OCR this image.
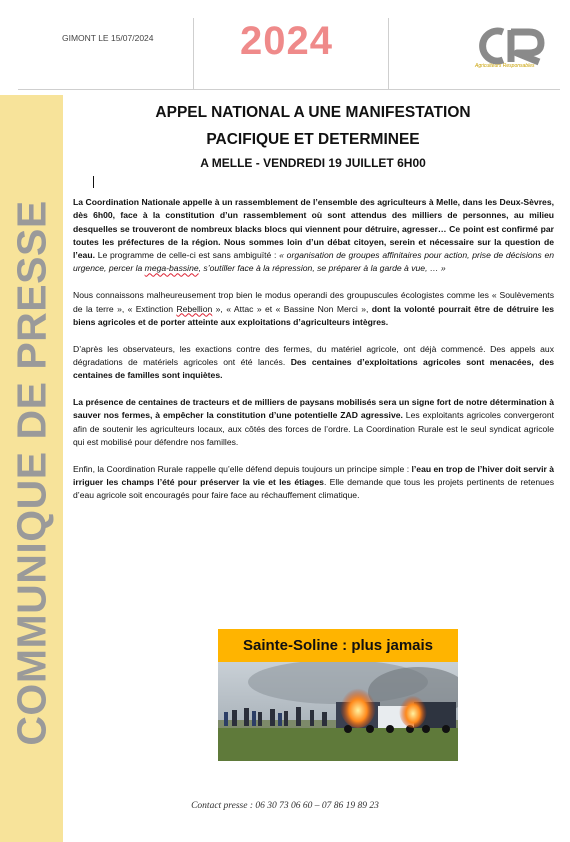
GIMONT LE 15/07/2024 2024
Agriculteurs Responsables
COMMUNIQUE DE PRESSE
APPEL NATIONAL A UNE MANIFESTATION
PACIFIQUE ET DETERMINEE
A MELLE - VENDREDI 19 JUILLET 6H00

La Coordination Nationale appelle à un rassemblement de l’ensemble des agriculteurs à Melle, dans les Deux-Sèvres, dès 6h00, face à la constitution d’un rassemblement où sont attendus des milliers de personnes, au milieu desquelles se trouveront de nombreux blacks blocs qui viennent pour détruire, agresser… Ce point est confirmé par toutes les préfectures de la région. Nous sommes loin d’un débat citoyen, serein et nécessaire sur la question de l’eau. Le programme de celle-ci est sans ambiguïté : « organisation de groupes affinitaires pour action, prise de décisions en urgence, percer la mega-bassine, s’outiller face à la répression, se préparer à la garde à vue, … »

Nous connaissons malheureusement trop bien le modus operandi des groupuscules écologistes comme les « Soulèvements de la terre », « Extinction Rebellion », « Attac » et « Bassine Non Merci », dont la volonté pourrait être de détruire les biens agricoles et de porter atteinte aux exploitations d’agriculteurs intègres.

D’après les observateurs, les exactions contre des fermes, du matériel agricole, ont déjà commencé. Des appels aux dégradations de matériels agricoles ont été lancés. Des centaines d’exploitations agricoles sont menacées, des centaines de familles sont inquiètes.

La présence de centaines de tracteurs et de milliers de paysans mobilisés sera un signe fort de notre détermination à sauver nos fermes, à empêcher la constitution d’une potentielle ZAD agressive. Les exploitants agricoles convergeront afin de soutenir les agriculteurs locaux, aux côtés des forces de l’ordre. La Coordination Rurale est le seul syndicat agricole qui est mobilisé pour défendre nos familles.

Enfin, la Coordination Rurale rappelle qu’elle défend depuis toujours un principe simple : l’eau en trop de l’hiver doit servir à irriguer les champs l’été pour préserver la vie et les étiages. Elle demande que tous les projets pertinents de retenues d’eau agricole soit encouragés pour faire face au réchauffement climatique.

Sainte-Soline : plus jamais
Contact presse : 06 30 73 06 60 – 07 86 19 89 23
